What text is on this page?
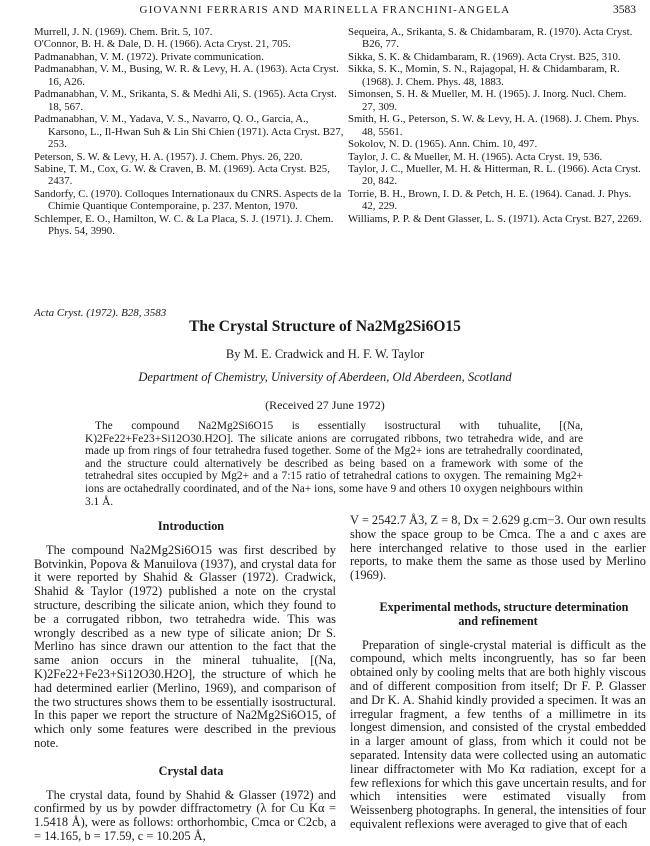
GIOVANNI FERRARIS AND MARINELLA FRANCHINI-ANGELA	3583

Murrell, J. N. (1969). Chem. Brit. 5, 107.

O'Connor, B. H. & Dale, D. H. (1966). Acta Cryst. 21, 705.

Padmanabhan, V. M. (1972). Private communication.

Padmanabhan, V. M., Busing, W. R. & Levy, H. A. (1963). Acta Cryst. 16, A26.

Padmanabhan, V. M., Srikanta, S. & Medhi Ali, S. (1965). Acta Cryst. 18, 567.

Padmanabhan, V. M., Yadava, V. S., Navarro, Q. O., Garcia, A., Karsono, L., Il-Hwan Suh & Lin Shi Chien (1971). Acta Cryst. B27, 253.

Peterson, S. W. & Levy, H. A. (1957). J. Chem. Phys. 26, 220.

Sabine, T. M., Cox, G. W. & Craven, B. M. (1969). Acta Cryst. B25, 2437.

Sandorfy, C. (1970). Colloques Internationaux du CNRS. Aspects de la Chimie Quantique Contemporaine, p. 237. Menton, 1970.

Schlemper, E. O., Hamilton, W. C. & La Placa, S. J. (1971). J. Chem. Phys. 54, 3990.

Sequeira, A., Srikanta, S. & Chidambaram, R. (1970). Acta Cryst. B26, 77.

Sikka, S. K. & Chidambaram, R. (1969). Acta Cryst. B25, 310.

Sikka, S. K., Momin, S. N., Rajagopal, H. & Chidambaram, R. (1968). J. Chem. Phys. 48, 1883.

Simonsen, S. H. & Mueller, M. H. (1965). J. Inorg. Nucl. Chem. 27, 309.

Smith, H. G., Peterson, S. W. & Levy, H. A. (1968). J. Chem. Phys. 48, 5561.

Sokolov, N. D. (1965). Ann. Chim. 10, 497.

Taylor, J. C. & Mueller, M. H. (1965). Acta Cryst. 19, 536.

Taylor, J. C., Mueller, M. H. & Hitterman, R. L. (1966). Acta Cryst. 20, 842.

Torrie, B. H., Brown, I. D. & Petch, H. E. (1964). Canad. J. Phys. 42, 229.

Williams, P. P. & Dent Glasser, L. S. (1971). Acta Cryst. B27, 2269.

Acta Cryst. (1972). B28, 3583
The Crystal Structure of Na2Mg2Si6O15
By M. E. Cradwick and H. F. W. Taylor
Department of Chemistry, University of Aberdeen, Old Aberdeen, Scotland
(Received 27 June 1972)

The compound Na2Mg2Si6O15 is essentially isostructural with tuhualite, [(Na, K)2Fe22+Fe23+Si12O30.H2O]. The silicate anions are corrugated ribbons, two tetrahedra wide, and are made up from rings of four tetrahedra fused together. Some of the Mg2+ ions are tetrahedrally coordinated, and the structure could alternatively be described as being based on a framework with some of the tetrahedral sites occupied by Mg2+ and a 7:15 ratio of tetrahedral cations to oxygen. The remaining Mg2+ ions are octahedrally coordinated, and of the Na+ ions, some have 9 and others 10 oxygen neighbours within 3.1 Å.

Introduction

The compound Na2Mg2Si6O15 was first described by Botvinkin, Popova & Manuilova (1937), and crystal data for it were reported by Shahid & Glasser (1972). Cradwick, Shahid & Taylor (1972) published a note on the crystal structure, describing the silicate anion, which they found to be a corrugated ribbon, two tetrahedra wide. This was wrongly described as a new type of silicate anion; Dr S. Merlino has since drawn our attention to the fact that the same anion occurs in the mineral tuhualite, [(Na, K)2Fe22+Fe23+Si12O30.H2O], the structure of which he had determined earlier (Merlino, 1969), and comparison of the two structures shows them to be essentially isostructural. In this paper we report the structure of Na2Mg2Si6O15, of which only some features were described in the previous note.

Crystal data

The crystal data, found by Shahid & Glasser (1972) and confirmed by us by powder diffractometry (λ for Cu Kα = 1.5418 Å), were as follows: orthorhombic, Cmca or C2cb, a = 14.165, b = 17.59, c = 10.205 Å,

V = 2542.7 Å3, Z = 8, Dx = 2.629 g.cm−3. Our own results show the space group to be Cmca. The a and c axes are here interchanged relative to those used in the earlier reports, to make them the same as those used by Merlino (1969).

Experimental methods, structure determination
and refinement

Preparation of single-crystal material is difficult as the compound, which melts incongruently, has so far been obtained only by cooling melts that are both highly viscous and of different composition from itself; Dr F. P. Glasser and Dr K. A. Shahid kindly provided a specimen. It was an irregular fragment, a few tenths of a millimetre in its longest dimension, and consisted of the crystal embedded in a larger amount of glass, from which it could not be separated. Intensity data were collected using an automatic linear diffractometer with Mo Kα radiation, except for a few reflexions for which this gave uncertain results, and for which intensities were estimated visually from Weissenberg photographs. In general, the intensities of four equivalent reflexions were averaged to give that of each
